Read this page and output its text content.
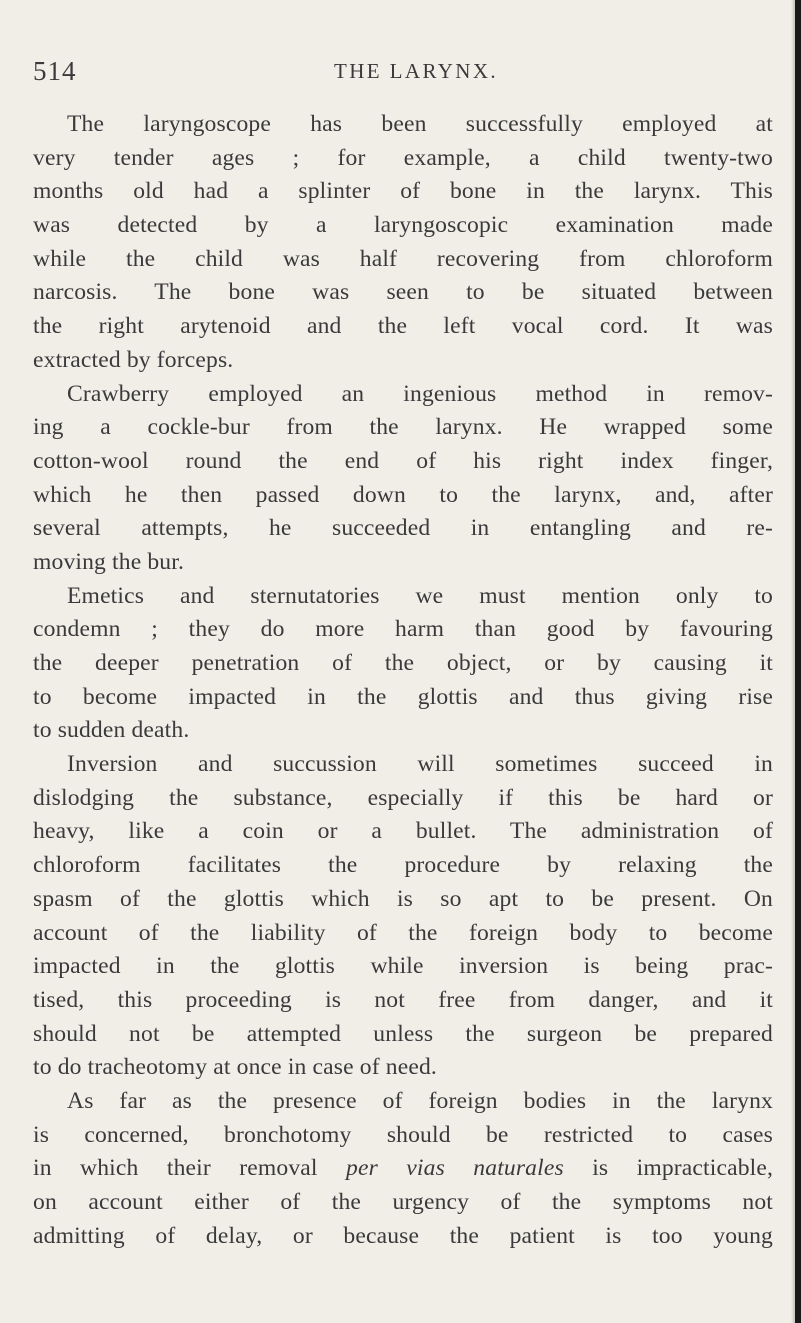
514	THE LARYNX.
The laryngoscope has been successfully employed at
very tender ages ; for example, a child twenty-two
months old had a splinter of bone in the larynx. This
was detected by a laryngoscopic examination made
while the child was half recovering from chloroform
narcosis. The bone was seen to be situated between
the right arytenoid and the left vocal cord. It was
extracted by forceps.
Crawberry employed an ingenious method in remov-
ing a cockle-bur from the larynx. He wrapped some
cotton-wool round the end of his right index finger,
which he then passed down to the larynx, and, after
several attempts, he succeeded in entangling and re-
moving the bur.
Emetics and sternutatories we must mention only to
condemn ; they do more harm than good by favouring
the deeper penetration of the object, or by causing it
to become impacted in the glottis and thus giving rise
to sudden death.
Inversion and succussion will sometimes succeed in
dislodging the substance, especially if this be hard or
heavy, like a coin or a bullet. The administration of
chloroform facilitates the procedure by relaxing the
spasm of the glottis which is so apt to be present. On
account of the liability of the foreign body to become
impacted in the glottis while inversion is being prac-
tised, this proceeding is not free from danger, and it
should not be attempted unless the surgeon be prepared
to do tracheotomy at once in case of need.
As far as the presence of foreign bodies in the larynx
is concerned, bronchotomy should be restricted to cases
in which their removal per vias naturales is impracticable,
on account either of the urgency of the symptoms not
admitting of delay, or because the patient is too young
